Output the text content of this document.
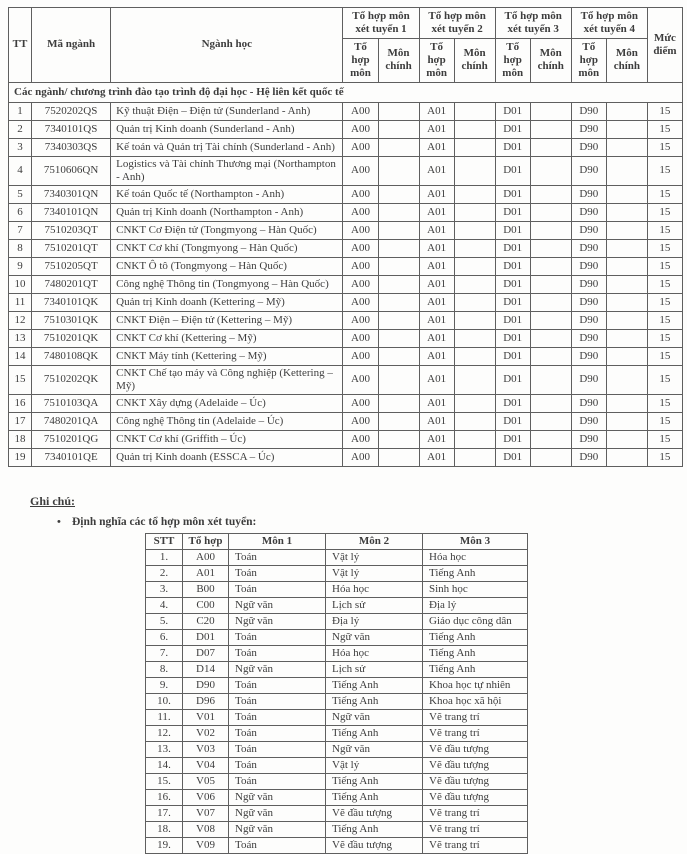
TT	Mã ngành	Ngành học	Tổ hợp môn xét tuyển 1		Tổ hợp môn xét tuyển 2		Tổ hợp môn xét tuyển 3		Tổ hợp môn xét tuyển 4		Mức điểm
			Tổ hợp môn	Môn chính	Tổ hợp môn	Môn chính	Tổ hợp môn	Môn chính	Tổ hợp môn	Môn chính	
Các ngành/ chương trình đào tạo trình độ đại học - Hệ liên kết quốc tế											
1	7520202QS	Kỹ thuật Điện – Điện tử (Sunderland - Anh)	A00		A01		D01		D90		15
2	7340101QS	Quản trị Kinh doanh (Sunderland - Anh)	A00		A01		D01		D90		15
3	7340303QS	Kế toán và Quản trị Tài chính (Sunderland - Anh)	A00		A01		D01		D90		15
4	7510606QN	Logistics và Tài chính Thương mại (Northampton - Anh)	A00		A01		D01		D90		15
5	7340301QN	Kế toán Quốc tế (Northampton - Anh)	A00		A01		D01		D90		15
6	7340101QN	Quản trị Kinh doanh (Northampton - Anh)	A00		A01		D01		D90		15
7	7510203QT	CNKT Cơ Điện tử (Tongmyong – Hàn Quốc)	A00		A01		D01		D90		15
8	7510201QT	CNKT Cơ khí (Tongmyong – Hàn Quốc)	A00		A01		D01		D90		15
9	7510205QT	CNKT Ô tô (Tongmyong – Hàn Quốc)	A00		A01		D01		D90		15
10	7480201QT	Công nghệ Thông tin (Tongmyong – Hàn Quốc)	A00		A01		D01		D90		15
11	7340101QK	Quản trị Kinh doanh (Kettering – Mỹ)	A00		A01		D01		D90		15
12	7510301QK	CNKT Điện – Điện tử (Kettering – Mỹ)	A00		A01		D01		D90		15
13	7510201QK	CNKT Cơ khí (Kettering – Mỹ)	A00		A01		D01		D90		15
14	7480108QK	CNKT Máy tính (Kettering – Mỹ)	A00		A01		D01		D90		15
15	7510202QK	CNKT Chế tạo máy và Công nghiệp (Kettering – Mỹ)	A00		A01		D01		D90		15
16	7510103QA	CNKT Xây dựng (Adelaide – Úc)	A00		A01		D01		D90		15
17	7480201QA	Công nghệ Thông tin (Adelaide – Úc)	A00		A01		D01		D90		15
18	7510201QG	CNKT Cơ khí (Griffith – Úc)	A00		A01		D01		D90		15
19	7340101QE	Quản trị Kinh doanh (ESSCA – Úc)	A00		A01		D01		D90		15
Ghi chú:
• Định nghĩa các tổ hợp môn xét tuyển:
STT	Tổ hợp	Môn 1	Môn 2	Môn 3
1.	A00	Toán	Vật lý	Hóa học
2.	A01	Toán	Vật lý	Tiếng Anh
3.	B00	Toán	Hóa học	Sinh học
4.	C00	Ngữ văn	Lịch sử	Địa lý
5.	C20	Ngữ văn	Địa lý	Giáo dục công dân
6.	D01	Toán	Ngữ văn	Tiếng Anh
7.	D07	Toán	Hóa học	Tiếng Anh
8.	D14	Ngữ văn	Lịch sử	Tiếng Anh
9.	D90	Toán	Tiếng Anh	Khoa học tự nhiên
10.	D96	Toán	Tiếng Anh	Khoa học xã hội
11.	V01	Toán	Ngữ văn	Vẽ trang trí
12.	V02	Toán	Tiếng Anh	Vẽ trang trí
13.	V03	Toán	Ngữ văn	Vẽ đầu tượng
14.	V04	Toán	Vật lý	Vẽ đầu tượng
15.	V05	Toán	Tiếng Anh	Vẽ đầu tượng
16.	V06	Ngữ văn	Tiếng Anh	Vẽ đầu tượng
17.	V07	Ngữ văn	Vẽ đầu tượng	Vẽ trang trí
18.	V08	Ngữ văn	Tiếng Anh	Vẽ trang trí
19.	V09	Toán	Vẽ đầu tượng	Vẽ trang trí
